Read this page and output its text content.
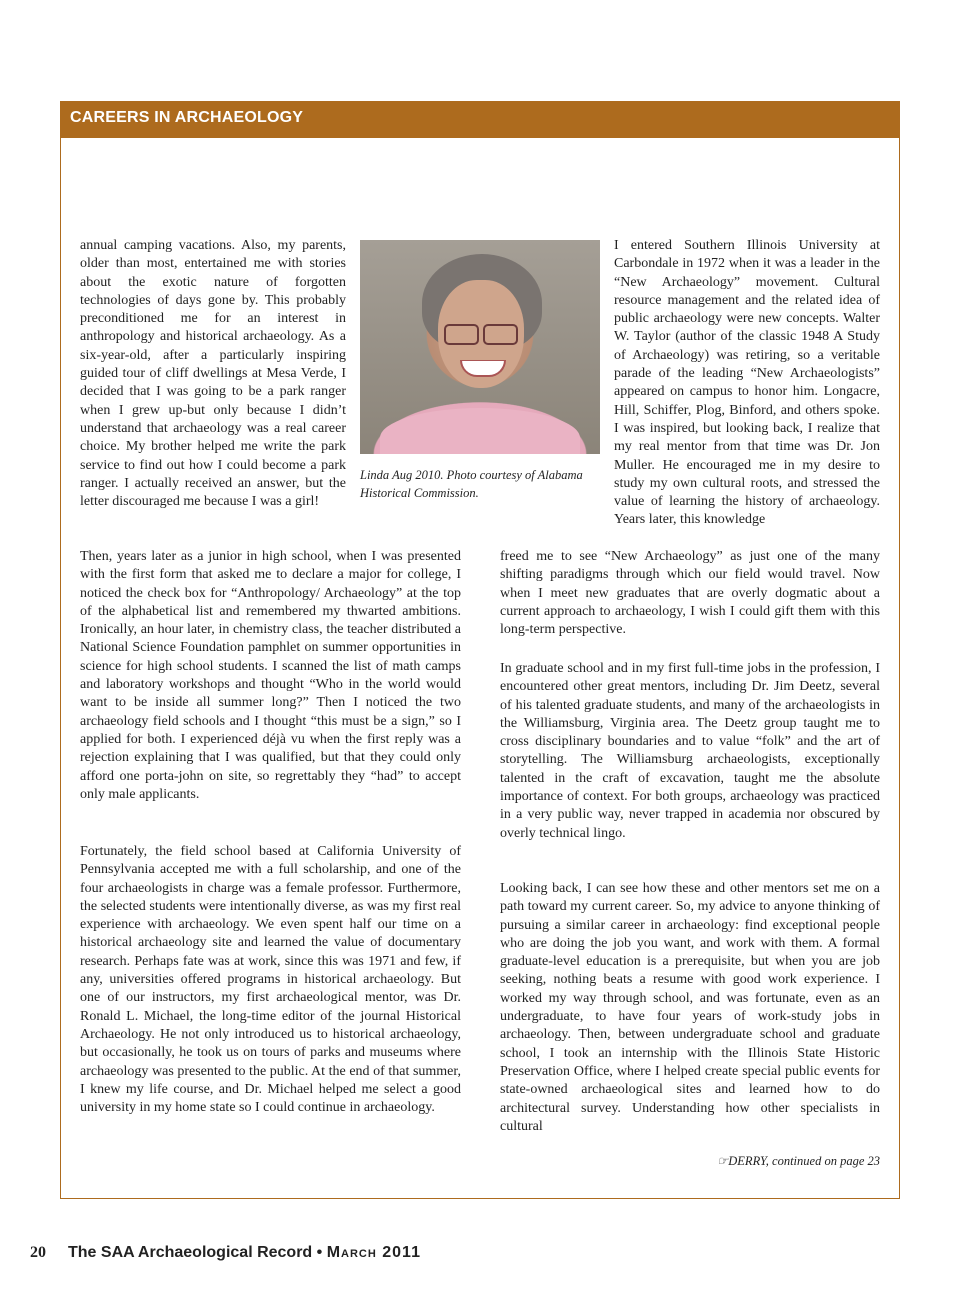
CAREERS IN ARCHAEOLOGY

annual camping vacations. Also, my parents, older than most, entertained me with stories about the exotic nature of forgotten technologies of days gone by. This probably preconditioned me for an interest in anthropology and historical archaeology. As a six-year-old, after a particularly inspiring guided tour of cliff dwellings at Mesa Verde, I decided that I was going to be a park ranger when I grew up-but only because I didn’t understand that archaeology was a real career choice. My brother helped me write the park service to find out how I could become a park ranger. I actually received an answer, but the letter discouraged me because I was a girl!

Linda Aug 2010. Photo courtesy of Alabama Historical Commission.

Then, years later as a junior in high school, when I was presented with the first form that asked me to declare a major for college, I noticed the check box for “Anthropology/ Archaeology” at the top of the alphabetical list and remembered my thwarted ambitions. Ironically, an hour later, in chemistry class, the teacher distributed a National Science Foundation pamphlet on summer opportunities in science for high school students. I scanned the list of math camps and laboratory workshops and thought “Who in the world would want to be inside all summer long?” Then I noticed the two archaeology field schools and I thought “this must be a sign,” so I applied for both. I experienced déjà vu when the first reply was a rejection explaining that I was qualified, but that they could only afford one porta-john on site, so regrettably they “had” to accept only male applicants.

Fortunately, the field school based at California University of Pennsylvania accepted me with a full scholarship, and one of the four archaeologists in charge was a female professor. Furthermore, the selected students were intentionally diverse, as was my first real experience with archaeology. We even spent half our time on a historical archaeology site and learned the value of documentary research. Perhaps fate was at work, since this was 1971 and few, if any, universities offered programs in historical archaeology. But one of our instructors, my first archaeological mentor, was Dr. Ronald L. Michael, the long-time editor of the journal Historical Archaeology. He not only introduced us to historical archaeology, but occasionally, he took us on tours of parks and museums where archaeology was presented to the public. At the end of that summer, I knew my life course, and Dr. Michael helped me select a good university in my home state so I could continue in archaeology.

I entered Southern Illinois University at Carbondale in 1972 when it was a leader in the “New Archaeology” movement. Cultural resource management and the related idea of public archaeology were new concepts. Walter W. Taylor (author of the classic 1948 A Study of Archaeology) was retiring, so a veritable parade of the leading “New Archaeologists” appeared on campus to honor him. Longacre, Hill, Schiffer, Plog, Binford, and others spoke. I was inspired, but looking back, I realize that my real mentor from that time was Dr. Jon Muller. He encouraged me in my desire to study my own cultural roots, and stressed the value of learning the history of archaeology. Years later, this knowledge

freed me to see “New Archaeology” as just one of the many shifting paradigms through which our field would travel. Now when I meet new graduates that are overly dogmatic about a current approach to archaeology, I wish I could gift them with this long-term perspective.

In graduate school and in my first full-time jobs in the profession, I encountered other great mentors, including Dr. Jim Deetz, several of his talented graduate students, and many of the archaeologists in the Williamsburg, Virginia area. The Deetz group taught me to cross disciplinary boundaries and to value “folk” and the art of storytelling. The Williamsburg archaeologists, exceptionally talented in the craft of excavation, taught me the absolute importance of context. For both groups, archaeology was practiced in a very public way, never trapped in academia nor obscured by overly technical lingo.

Looking back, I can see how these and other mentors set me on a path toward my current career. So, my advice to anyone thinking of pursuing a similar career in archaeology: find exceptional people who are doing the job you want, and work with them. A formal graduate-level education is a prerequisite, but when you are job seeking, nothing beats a resume with good work experience. I worked my way through school, and was fortunate, even as an undergraduate, to have four years of work-study jobs in archaeology. Then, between undergraduate school and graduate school, I took an internship with the Illinois State Historic Preservation Office, where I helped create special public events for state-owned archaeological sites and learned how to do architectural survey. Understanding how other specialists in cultural

☞DERRY, continued on page 23
20 The SAA Archaeological Record • March 2011
